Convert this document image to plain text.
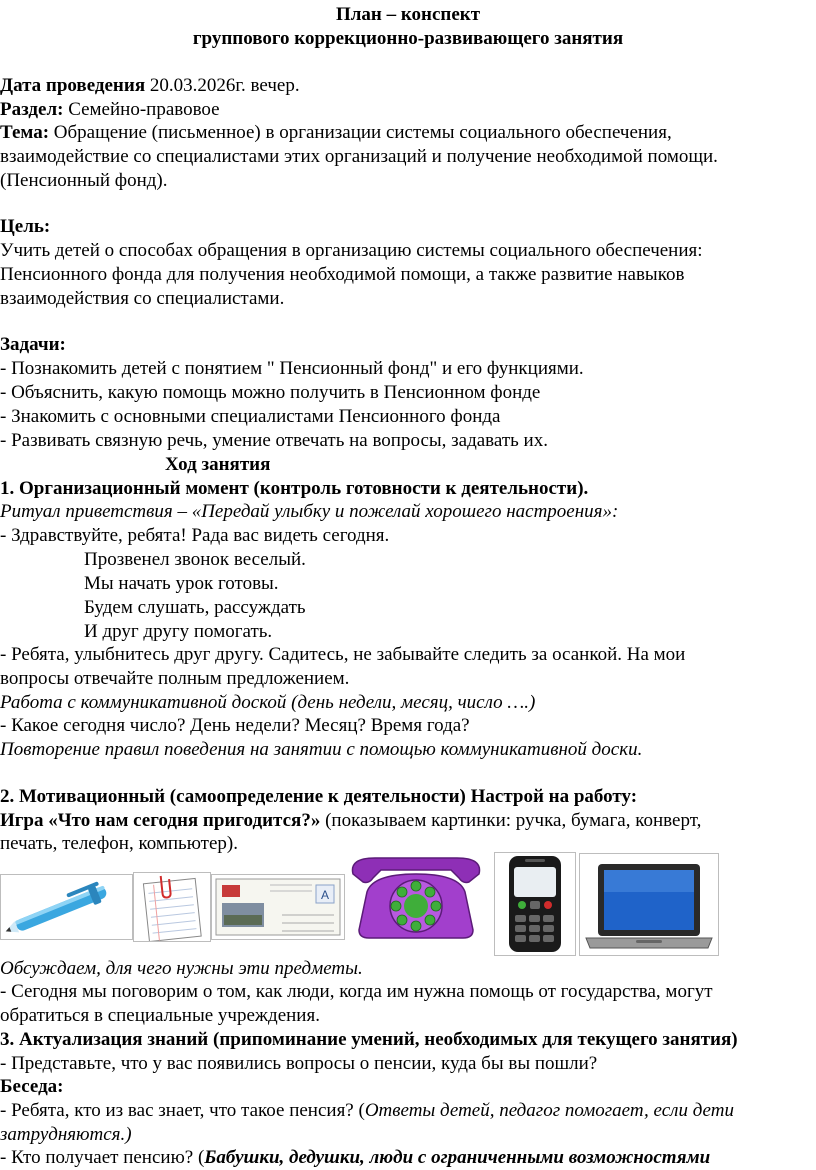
План – конспект
группового коррекционно-развивающего занятия
Дата проведения 20.03.2026г. вечер.
Раздел: Семейно-правовое
Тема: Обращение (письменное) в организации системы социального обеспечения,
взаимодействие со специалистами этих организаций и получение необходимой помощи.
(Пенсионный фонд).
Цель:
Учить детей о способах обращения в организацию системы социального обеспечения:
Пенсионного фонда для получения необходимой помощи, а также развитие навыков
взаимодействия со специалистами.
Задачи:
- Познакомить детей с понятием " Пенсионный фонд" и его функциями.
- Объяснить, какую помощь можно получить в Пенсионном фонде
- Знакомить с основными специалистами Пенсионного фонда
- Развивать связную речь, умение отвечать на вопросы, задавать их.
Ход занятия
1. Организационный момент (контроль готовности к деятельности).
Ритуал приветствия – «Передай улыбку и пожелай хорошего настроения»:
- Здравствуйте, ребята! Рада вас видеть сегодня.
Прозвенел звонок веселый.
Мы начать урок готовы.
Будем слушать, рассуждать
И друг другу помогать.
- Ребята, улыбнитесь друг другу. Садитесь, не забывайте следить за осанкой. На мои
вопросы отвечайте полным предложением.
Работа с коммуникативной доской (день недели, месяц, число ….)
- Какое сегодня число? День недели? Месяц? Время года?
Повторение правил поведения на занятии с помощью коммуникативной доски.
2. Мотивационный (самоопределение к деятельности) Настрой на работу:
Игра «Что нам сегодня пригодится?» (показываем картинки: ручка, бумага, конверт,
печать, телефон, компьютер).
A
Обсуждаем, для чего нужны эти предметы.
- Сегодня мы поговорим о том, как люди, когда им нужна помощь от государства, могут
обратиться в специальные учреждения.
3. Актуализация знаний (припоминание умений, необходимых для текущего занятия)
- Представьте, что у вас появились вопросы о пенсии, куда бы вы пошли?
Беседа:
- Ребята, кто из вас знает, что такое пенсия? (Ответы детей, педагог помогает, если дети
затрудняются.)
- Кто получает пенсию? (Бабушки, дедушки, люди с ограниченными возможностями
